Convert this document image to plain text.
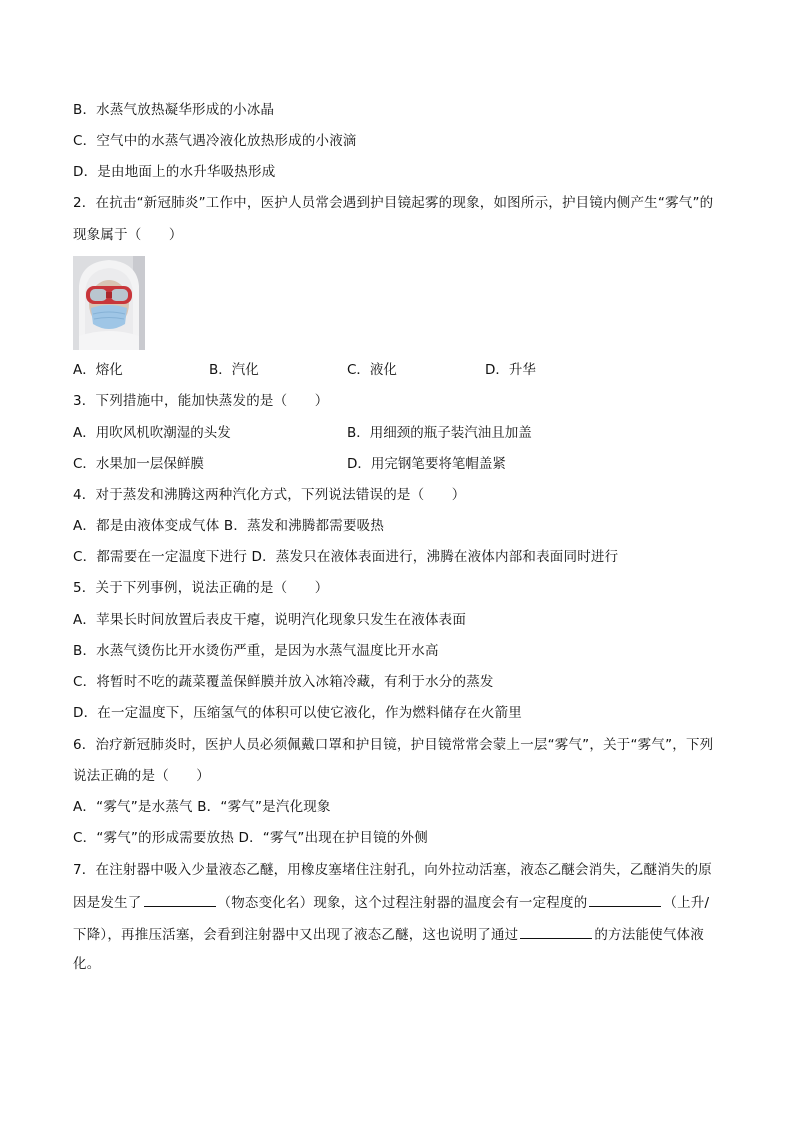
B．水蒸气放热凝华形成的小冰晶
C．空气中的水蒸气遇冷液化放热形成的小液滴
D．是由地面上的水升华吸热形成
2．在抗击“新冠肺炎”工作中，医护人员常会遇到护目镜起雾的现象，如图所示，护目镜内侧产生“雾气”的
现象属于（　　）
A．熔化	B．汽化	C．液化	D．升华
3．下列措施中，能加快蒸发的是（　　）
A．用吹风机吹潮湿的头发	B．用细颈的瓶子装汽油且加盖
C．水果加一层保鲜膜	D．用完钢笔要将笔帽盖紧
4．对于蒸发和沸腾这两种汽化方式，下列说法错误的是（　　）
A．都是由液体变成气体 B．蒸发和沸腾都需要吸热
C．都需要在一定温度下进行 D．蒸发只在液体表面进行，沸腾在液体内部和表面同时进行
5．关于下列事例，说法正确的是（　　）
A．苹果长时间放置后表皮干瘪，说明汽化现象只发生在液体表面
B．水蒸气烫伤比开水烫伤严重，是因为水蒸气温度比开水高
C．将暂时不吃的蔬菜覆盖保鲜膜并放入冰箱冷藏，有利于水分的蒸发
D．在一定温度下，压缩氢气的体积可以使它液化，作为燃料储存在火箭里
6．治疗新冠肺炎时，医护人员必须佩戴口罩和护目镜，护目镜常常会蒙上一层“雾气”，关于“雾气”，下列
说法正确的是（　　）
A．“雾气”是水蒸气 B．“雾气”是汽化现象
C．“雾气”的形成需要放热 D．“雾气”出现在护目镜的外侧
7．在注射器中吸入少量液态乙醚，用橡皮塞堵住注射孔，向外拉动活塞，液态乙醚会消失，乙醚消失的原
因是发生了	（物态变化名）现象，这个过程注射器的温度会有一定程度的	（上升/
下降），再推压活塞，会看到注射器中又出现了液态乙醚，这也说明了通过	的方法能使气体液
化。
